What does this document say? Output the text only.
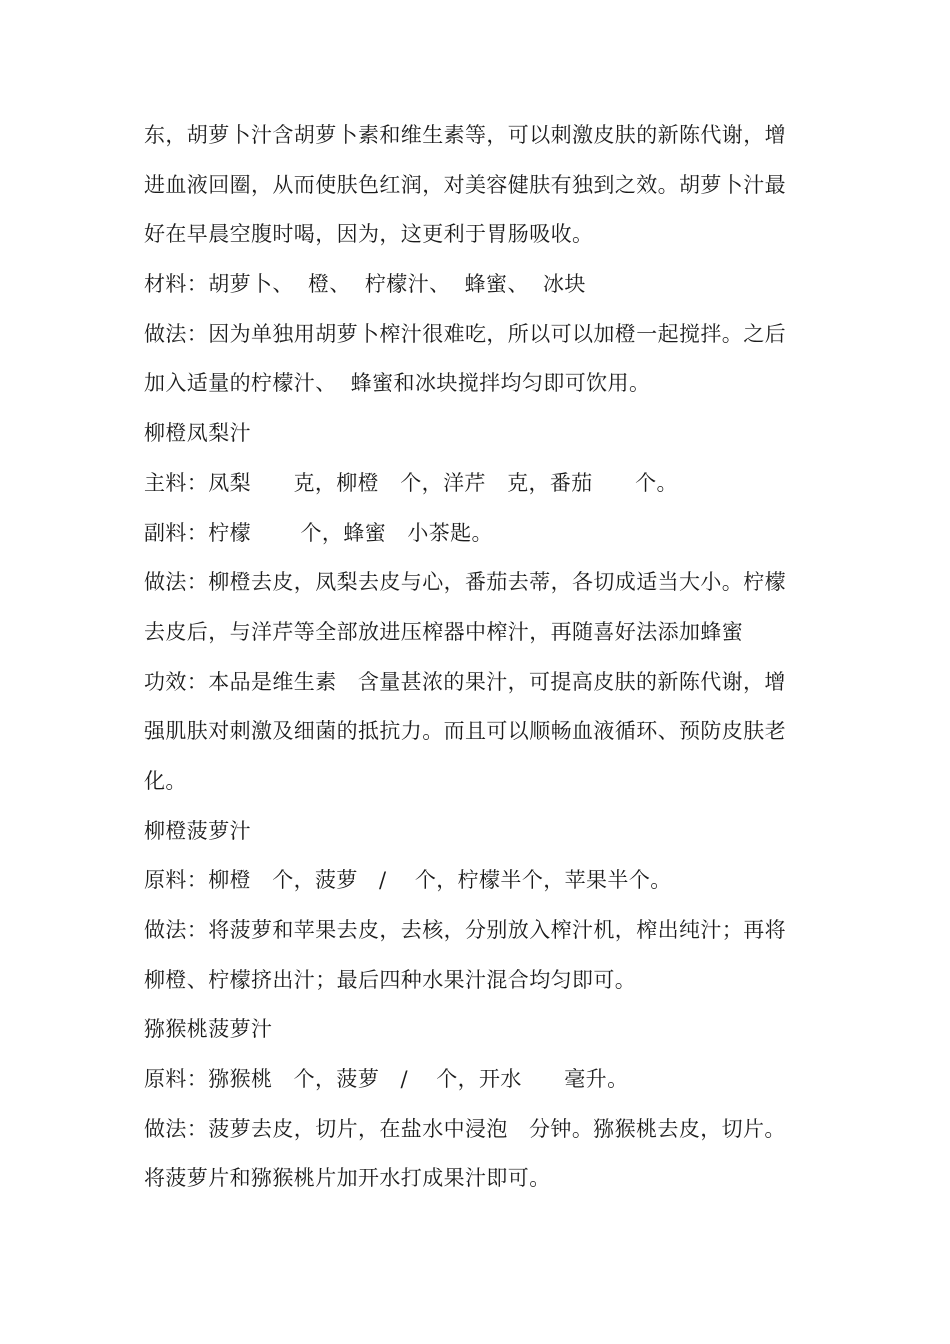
东，胡萝卜汁含胡萝卜素和维生素等，可以刺激皮肤的新陈代谢，增
进血液回圈，从而使肤色红润，对美容健肤有独到之效。胡萝卜汁最
好在早晨空腹时喝，因为，这更利于胃肠吸收。
材料：胡萝卜、  橙、  柠檬汁、  蜂蜜、  冰块
做法：因为单独用胡萝卜榨汁很难吃，所以可以加橙一起搅拌。之后
加入适量的柠檬汁、  蜂蜜和冰块搅拌均匀即可饮用。
柳橙凤梨汁
主料：凤梨      克，柳橙   个，洋芹   克，番茄      个。
副料：柠檬       个，蜂蜜   小茶匙。
做法：柳橙去皮，凤梨去皮与心，番茄去蒂，各切成适当大小。柠檬
去皮后，与洋芹等全部放进压榨器中榨汁，再随喜好法添加蜂蜜
功效：本品是维生素   含量甚浓的果汁，可提高皮肤的新陈代谢，增
强肌肤对刺激及细菌的抵抗力。而且可以顺畅血液循环、预防皮肤老
化。
柳橙菠萝汁
原料：柳橙   个，菠萝   /    个，柠檬半个，苹果半个。
做法：将菠萝和苹果去皮，去核，分别放入榨汁机，榨出纯汁；再将
柳橙、柠檬挤出汁；最后四种水果汁混合均匀即可。
猕猴桃菠萝汁
原料：猕猴桃   个，菠萝   /    个，开水      毫升。
做法：菠萝去皮，切片，在盐水中浸泡   分钟。猕猴桃去皮，切片。
将菠萝片和猕猴桃片加开水打成果汁即可。
